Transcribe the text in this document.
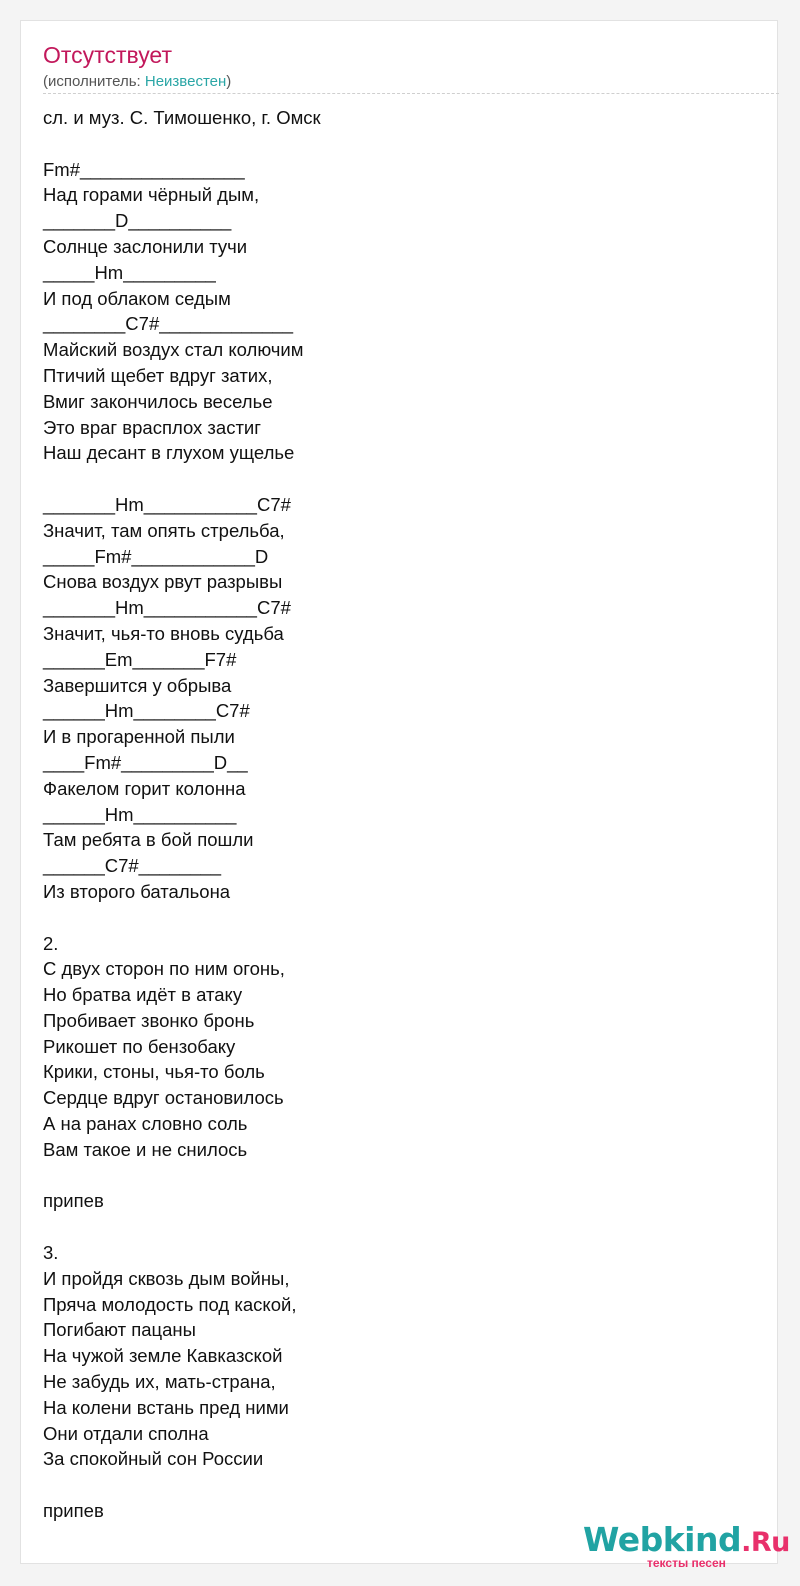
Отсутствует
(исполнитель: Неизвестен)
сл. и муз. С. Тимошенко, г. Омск
Fm#________________
Над горами чёрный дым,
_______D__________
Солнце заслонили тучи
_____Hm_________
И под облаком седым
________C7#_____________
Майский воздух стал колючим
Птичий щебет вдруг затих,
Вмиг закончилось веселье
Это враг врасплох застиг
Наш десант в глухом ущелье
_______Hm___________C7#
Значит, там опять стрельба,
_____Fm#____________D
Снова воздух рвут разрывы
_______Hm___________C7#
Значит, чья-то вновь судьба
______Em_______F7#
Завершится у обрыва
______Hm________C7#
И в прогаренной пыли
____Fm#_________D__
Факелом горит колонна
______Hm__________
Там ребята в бой пошли
______C7#________
Из второго батальона
2.
С двух сторон по ним огонь,
Но братва идёт в атаку
Пробивает звонко бронь
Рикошет по бензобаку
Крики, стоны, чья-то боль
Сердце вдруг остановилось
А на ранах словно соль
Вам такое и не снилось
припев
3.
И пройдя сквозь дым войны,
Пряча молодость под каской,
Погибают пацаны
На чужой земле Кавказской
Не забудь их, мать-страна,
На колени встань пред ними
Они отдали сполна
За спокойный сон России
припев
Webkind.Ru
тексты песен
